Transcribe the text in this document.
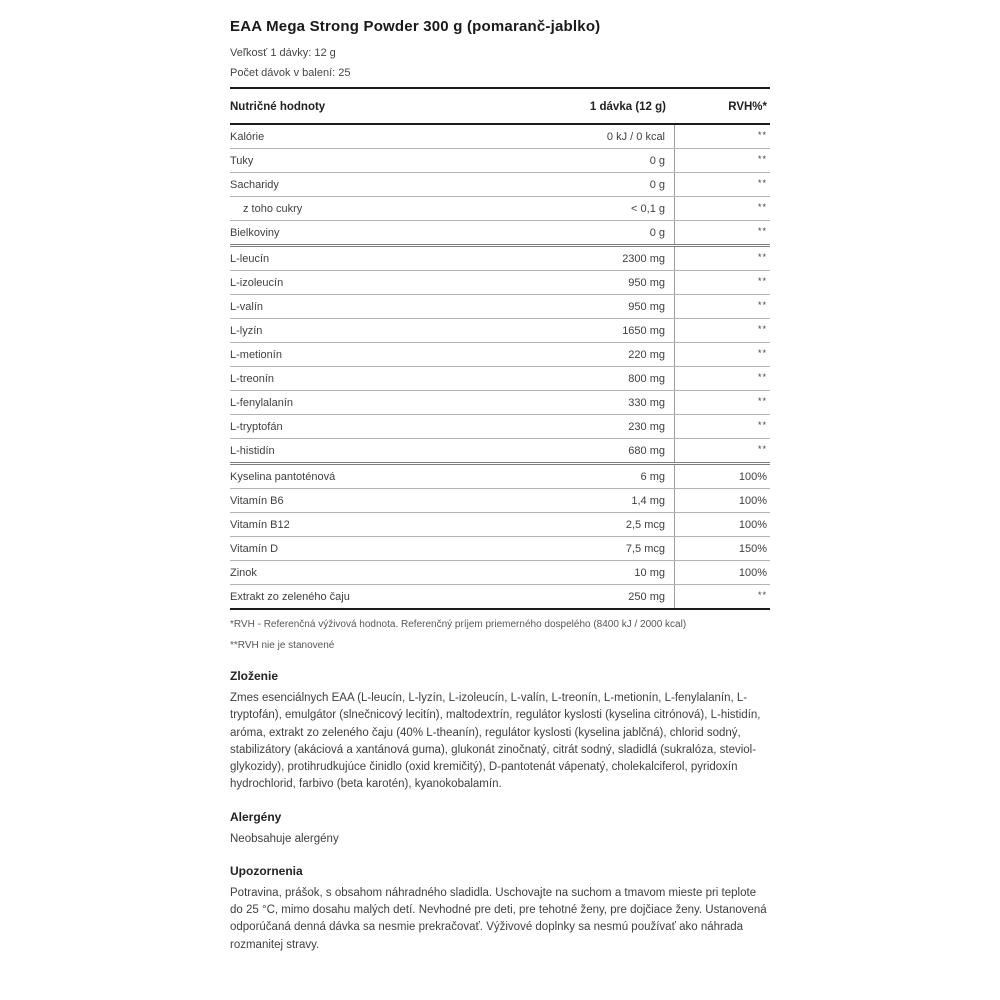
EAA Mega Strong Powder 300 g (pomaranč-jablko)
Veľkosť 1 dávky: 12 g
Počet dávok v balení: 25
Nutričné hodnoty	1 dávka (12 g)	RVH%*
Kalórie	0 kJ / 0 kcal	**
Tuky	0 g	**
Sacharidy	0 g	**
z toho cukry	< 0,1 g	**
Bielkoviny	0 g	**
L-leucín	2300 mg	**
L-izoleucín	950 mg	**
L-valín	950 mg	**
L-lyzín	1650 mg	**
L-metionín	220 mg	**
L-treonín	800 mg	**
L-fenylalanín	330 mg	**
L-tryptofán	230 mg	**
L-histidín	680 mg	**
Kyselina pantoténová	6 mg	100%
Vitamín B6	1,4 mg	100%
Vitamín B12	2,5 mcg	100%
Vitamín D	7,5 mcg	150%
Zinok	10 mg	100%
Extrakt zo zeleného čaju	250 mg	**

*RVH - Referenčná výživová hodnota. Referenčný príjem priemerného dospelého (8400 kJ / 2000 kcal)

**RVH nie je stanovené

Zloženie

Zmes esenciálnych EAA (L-leucín, L-lyzín, L-izoleucín, L-valín, L-treonín, L-metionín, L-fenylalanín, L-tryptofán), emulgátor (slnečnicový lecitín), maltodextrín, regulátor kyslosti (kyselina citrónová), L-histidín, aróma, extrakt zo zeleného čaju (40% L-theanín), regulátor kyslosti (kyselina jablčná), chlorid sodný, stabilizátory (akáciová a xantánová guma), glukonát zinočnatý, citrát sodný, sladidlá (sukralóza, steviol-glykozidy), protihrudkujúce činidlo (oxid kremičitý), D-pantotenát vápenatý, cholekalciferol, pyridoxín hydrochlorid, farbivo (beta karotén), kyanokobalamín.

Alergény

Neobsahuje alergény

Upozornenia

Potravina, prášok, s obsahom náhradného sladidla. Uschovajte na suchom a tmavom mieste pri teplote do 25 °C, mimo dosahu malých detí. Nevhodné pre deti, pre tehotné ženy, pre dojčiace ženy. Ustanovená odporúčaná denná dávka sa nesmie prekračovať. Výživové doplnky sa nesmú používať ako náhrada rozmanitej stravy.
